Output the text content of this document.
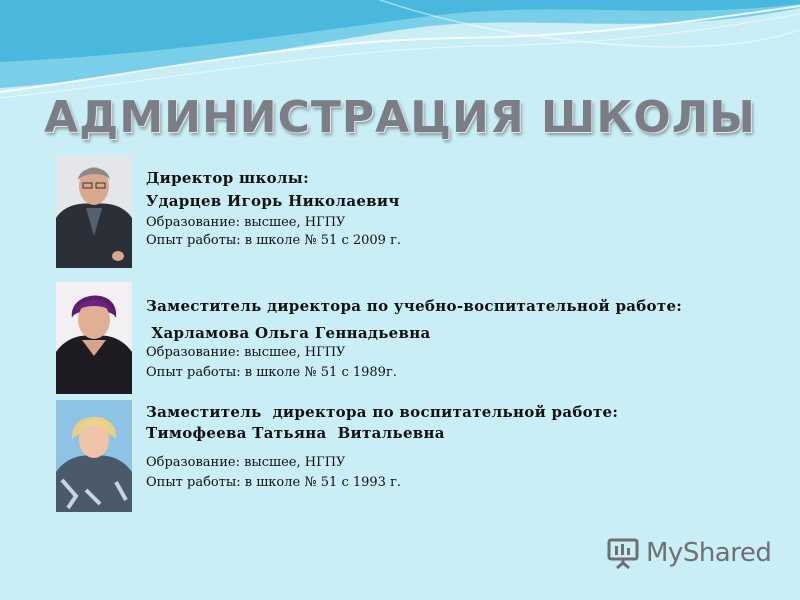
АДМИНИСТРАЦИЯ ШКОЛЫ
Директор школы:
Ударцев Игорь Николаевич
Образование: высшее, НГПУ
Опыт работы: в школе № 51 с 2009 г.
Заместитель директора по учебно-воспитательной работе:
Харламова Ольга Геннадьевна
Образование: высшее, НГПУ
Опыт работы: в школе № 51 с 1989г.
Заместитель  директора по воспитательной работе:
Тимофеева Татьяна  Витальевна
Образование: высшее, НГПУ
Опыт работы: в школе № 51 с 1993 г.
MyShared
